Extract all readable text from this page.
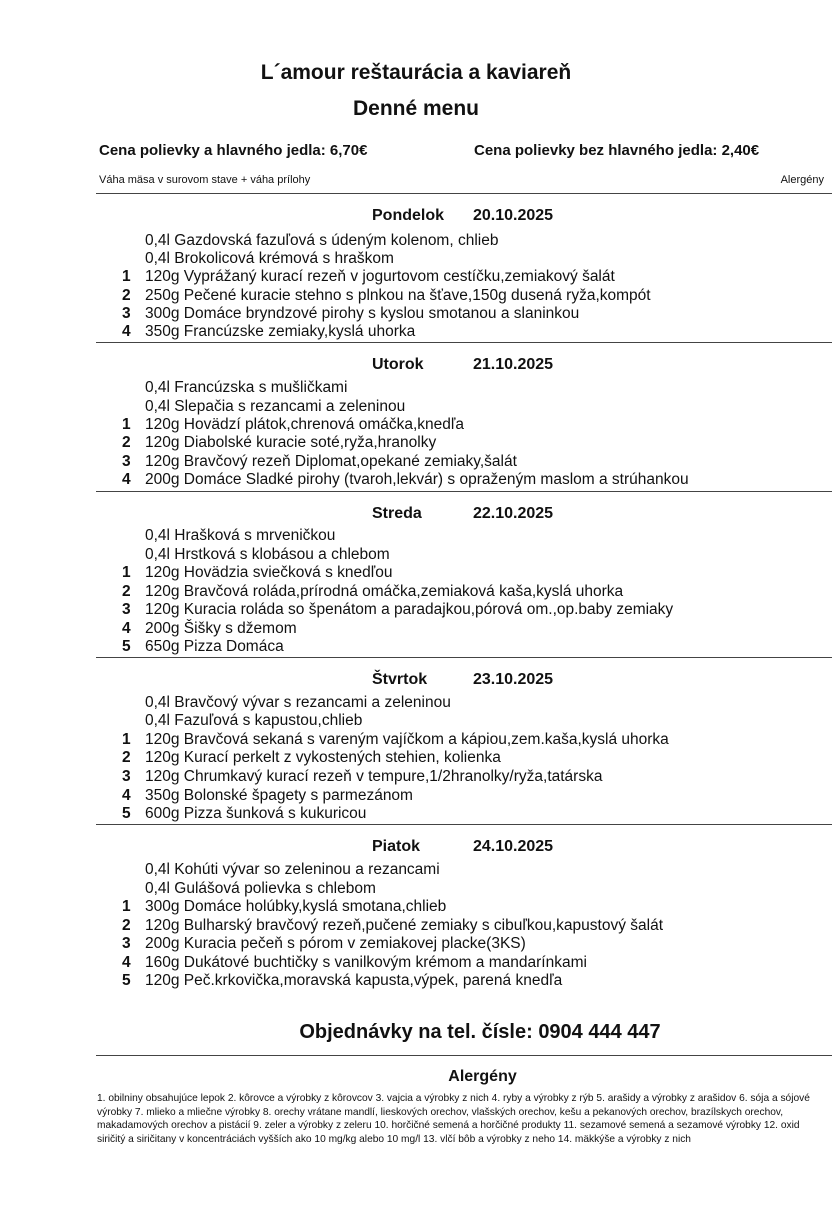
L´amour reštaurácia a kaviareň
Denné menu
Cena polievky a hlavného jedla: 6,70€	Cena polievky bez hlavného jedla: 2,40€
Váha mäsa v surovom stave + váha prílohy	Alergény
Pondelok 20.10.2025
0,4l Gazdovská fazuľová s údeným kolenom, chlieb
0,4l Brokolicová krémová s hraškom
1 120g Vyprážaný kurací rezeň v jogurtovom cestíčku,zemiakový šalát
2 250g Pečené kuracie stehno s plnkou na šťave,150g dusená ryža,kompót
3 300g Domáce bryndzové pirohy s kyslou smotanou a slaninkou
4 350g Francúzske zemiaky,kyslá uhorka
Utorok	21.10.2025
0,4l Francúzska s mušličkami
0,4l Slepačia s rezancami a zeleninou
1 120g Hovädzí plátok,chrenová omáčka,knedľa
2 120g Diabolské kuracie soté,ryža,hranolky
3 120g Bravčový rezeň Diplomat,opekané zemiaky,šalát
4 200g Domáce Sladké pirohy (tvaroh,lekvár) s opraženým maslom a strúhankou
Streda	22.10.2025
0,4l Hrašková s mrveničkou
0,4l Hrstková s klobásou a chlebom
1 120g Hovädzia sviečková s knedľou
2 120g Bravčová roláda,prírodná omáčka,zemiaková kaša,kyslá uhorka
3 120g Kuracia roláda so špenátom a paradajkou,pórová om.,op.baby zemiaky
4 200g Šišky s džemom
5 650g Pizza Domáca
Štvrtok	23.10.2025
0,4l Bravčový vývar s rezancami a zeleninou
0,4l Fazuľová s kapustou,chlieb
1 120g Bravčová sekaná s vareným vajíčkom a kápiou,zem.kaša,kyslá uhorka
2 120g Kurací perkelt z vykostených stehien, kolienka
3 120g Chrumkavý kurací rezeň v tempure,1/2hranolky/ryža,tatárska
4 350g Bolonské špagety s parmezánom
5 600g Pizza šunková s kukuricou
Piatok	24.10.2025
0,4l Kohúti vývar so zeleninou a rezancami
0,4l Gulášová polievka s chlebom
1 300g Domáce holúbky,kyslá smotana,chlieb
2 120g Bulharský bravčový rezeň,pučené zemiaky s cibuľkou,kapustový šalát
3 200g Kuracia pečeň s pórom v zemiakovej placke(3KS)
4 160g Dukátové buchtičky s vanilkovým krémom a mandarínkami
5 120g Peč.krkovička,moravská kapusta,výpek, parená knedľa
Objednávky na tel. čísle: 0904 444 447
Alergény
1. obilniny obsahujúce lepok 2. kôrovce a výrobky z kôrovcov 3. vajcia a výrobky z nich 4. ryby a výrobky z rýb 5. arašidy a výrobky z arašidov 6. sója a sójové výrobky 7. mlieko a mliečne výrobky 8. orechy vrátane mandlí, lieskových orechov, vlašských orechov, kešu a pekanových orechov, brazílskych orechov, makadamových orechov a pistácií 9. zeler a výrobky z zeleru 10. horčičné semená a horčičné produkty 11. sezamové semená a sezamové výrobky 12. oxid siričitý a siričitany v koncentráciách vyšších ako 10 mg/kg alebo 10 mg/l 13. vlčí bôb a výrobky z neho 14. mäkkýše a výrobky z nich
